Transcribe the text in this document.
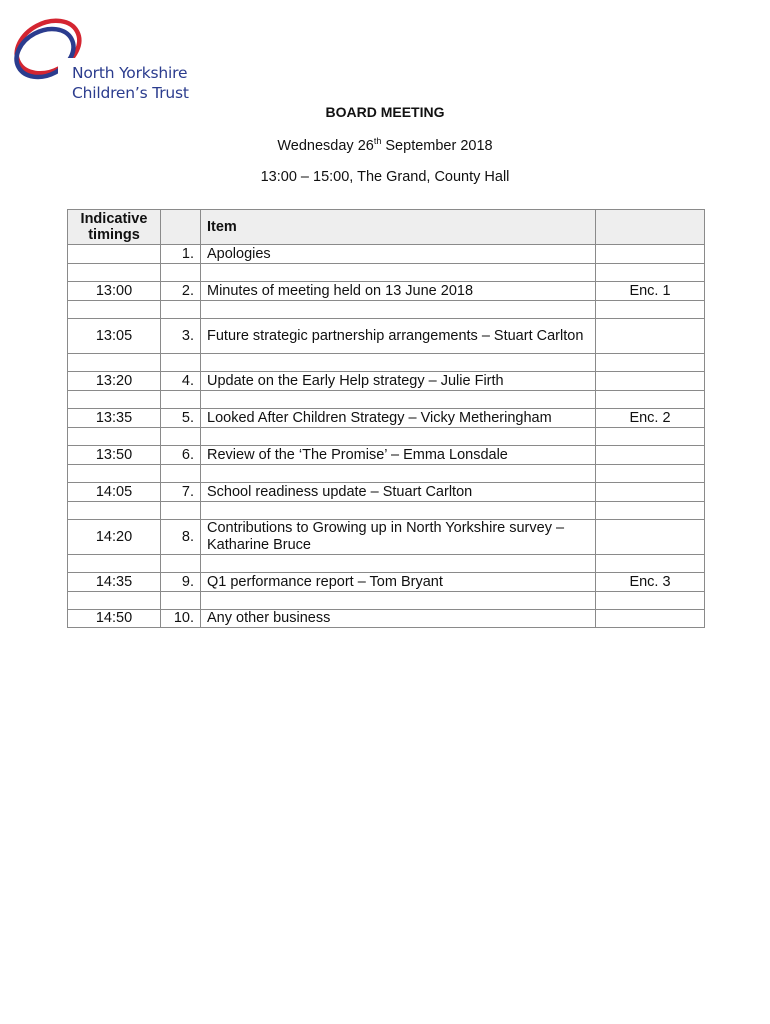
North Yorkshire
Children’s Trust
BOARD MEETING
Wednesday 26th September 2018
13:00 – 15:00, The Grand, County Hall
Indicative timings		Item	
	1.	Apologies	

13:00	2.	Minutes of meeting held on 13 June 2018	Enc. 1

13:05	3.	Future strategic partnership arrangements – Stuart Carlton	

13:20	4.	Update on the Early Help strategy – Julie Firth	

13:35	5.	Looked After Children Strategy – Vicky Metheringham	Enc. 2

13:50	6.	Review of the ‘The Promise’ – Emma Lonsdale	

14:05	7.	School readiness update – Stuart Carlton	

14:20	8.	Contributions to Growing up in North Yorkshire survey – Katharine Bruce	

14:35	9.	Q1 performance report – Tom Bryant	Enc. 3

14:50	10.	Any other business	
